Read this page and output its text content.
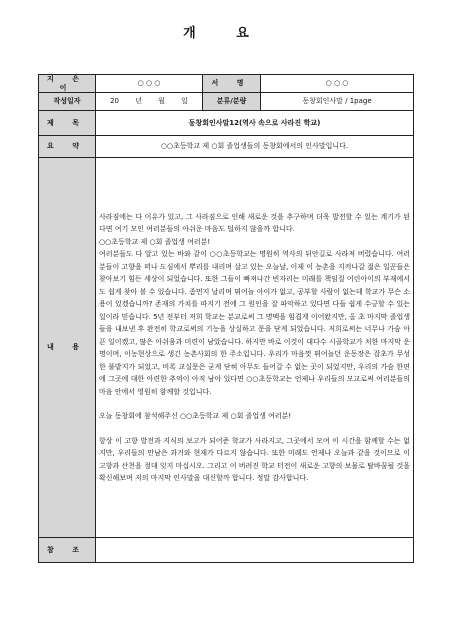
개 요
지 은 이	○ ○ ○	서 명	○ ○ ○
작성일자	20 년 월 일	분류/분량	동창회인사말 / 1page
제 목	동창회인사말12(역사 속으로 사라진 학교)		
요 약	○○초등학교 제 ○회 졸업생들의 동창회에서의 인사말입니다.		
내 용	사라짐에는 다 이유가 있고, 그 사라짐으로 인해 새로운 것을 추구하며 더욱 발전할 수 있는 계기가 된다면 여기 모인 여러분들의 아쉬운 마음도 덜하지 않을까 합니다.

○○초등학교 제 ○회 졸업생 여러분!

여러분들도 다 알고 있는 바와 같이 ○○초등학교는 명원히 역사의 뒤안길로 사라져 버렸습니다. 여러분들이 고향을 떠나 도심에서 뿌리를 내리며 살고 있는 오늘날, 이제 이 농촌을 지켜나갈 젊은 일꾼들은 찾아보기 힘든 세상이 되었습니다. 또한 그들이 빠져나간 빈자리는 미래를 책임질 어린아이의 부재에서도 쉽게 찾아 볼 수 있습니다. 좀먼지 날리며 뛰어놀 아이가 없고, 공부할 사람이 없는데 학교가 무슨 소용이 있겠습니까? 존재의 가치를 따지기 전에 그 원인을 잘 파악하고 있다면 다들 쉽게 수긍할 수 있는 일이라 믿습니다. 5년 전부터 저희 학교는 분교로써 그 명맥을 힘겹게 이어왔지만, 올 초 마지막 졸업생들을 내보낸 후 완전히 학교로써의 기능을 상실하고 문을 닫게 되었습니다. 저희로써는 너무나 가슴 아픈 일이겠고, 많은 아쉬움과 미련이 남았습니다. 하지만 바로 이것이 대다수 시골학교가 처한 마지막 운명이며, 이농현상으로 생긴 농촌사회의 한 주소입니다. 우리가 마음껏 뛰어놀던 운동장은 잡초가 무성한 풀밭지가 되었고, 비록 교실문은 굳게 닫혀 아무도 들어갈 수 없는 곳이 되었지만, 우리의 가슴 한편에 그곳에 대한 아련한 추억이 아직 남아 있다면 ○○초등학교는 언제나 우리들의 모교로써 여러분들의 마음 안에서 영원히 함께할 것입니다.

오늘 동창회에 참석해주신 ○○초등학교 제 ○회 졸업생 여러분!

항상 이 고향 발전과 지식의 보고가 되어준 학교가 사라지고, 그곳에서 모여 이 시간을 함께할 수는 없지만, 우리들의 만남은 과거와 현재가 다르지 않습니다. 또한 미래도 언제나 오늘과 같을 것이므로 이 고향과 산천을 절대 잊지 마십시오. 그리고 이 버려진 학교 터전이 새로운 고향의 보물로 탈바꿈될 것을 확신해보며 저의 마지막 인사말을 대신할까 합니다. 정말 감사합니다.		

참 조			
